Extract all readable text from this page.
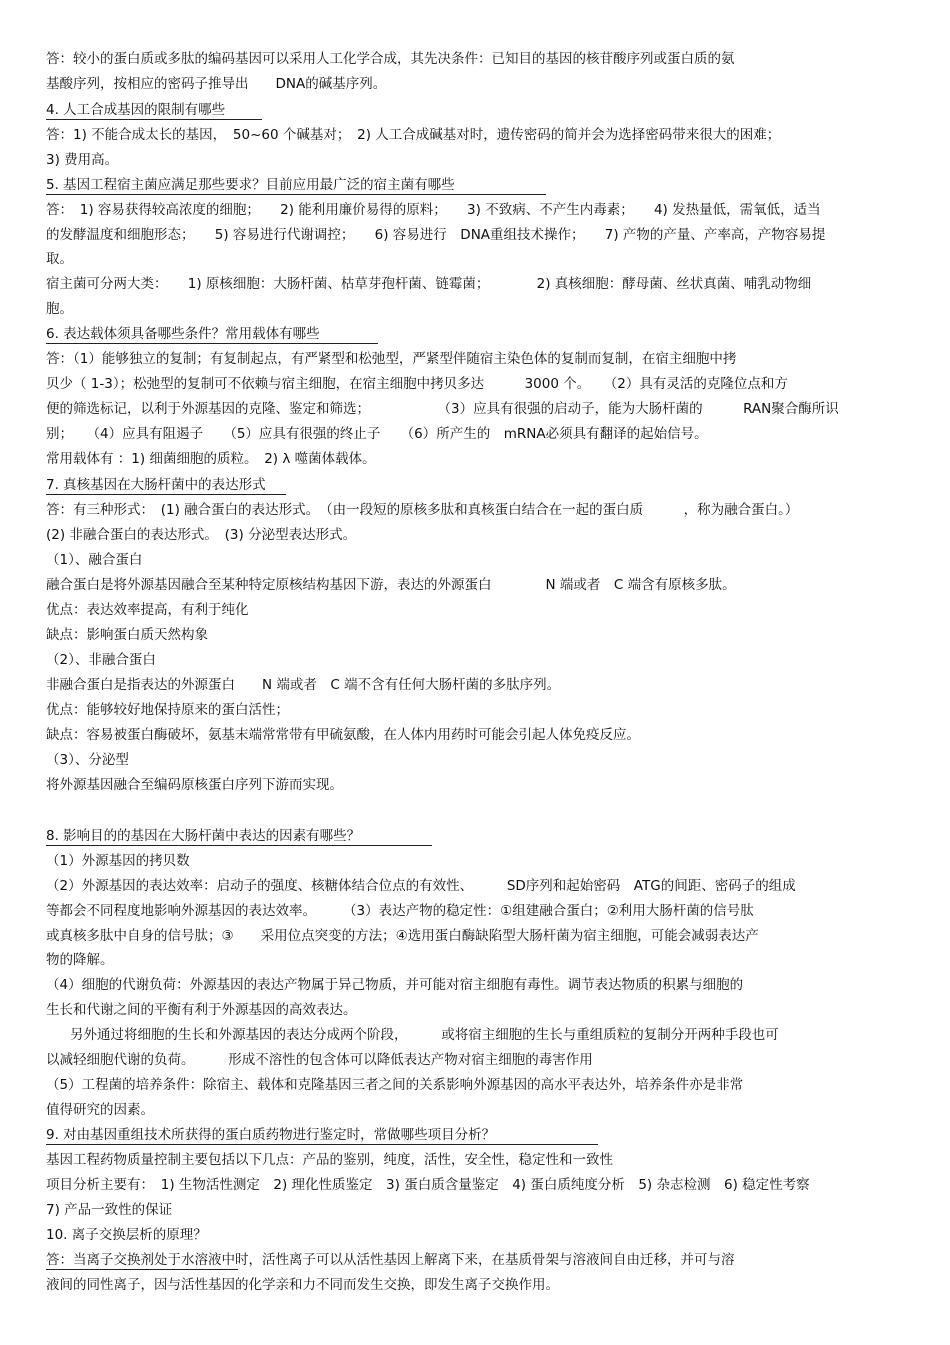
答：较小的蛋白质或多肽的编码基因可以采用人工化学合成，其先决条件：已知目的基因的核苷酸序列或蛋白质的氨
基酸序列，按相应的密码子推导出　　DNA的碱基序列。
4. 人工合成基因的限制有哪些
答：1) 不能合成太长的基因，　50~60 个碱基对；　2) 人工合成碱基对时，遗传密码的简并会为选择密码带来很大的困难；
3) 费用高。
5. 基因工程宿主菌应满足那些要求？目前应用最广泛的宿主菌有哪些
答：　1) 容易获得较高浓度的细胞；　　2) 能利用廉价易得的原料；　　3) 不致病、不产生内毒素；　　4) 发热量低，需氧低，适当
的发酵温度和细胞形态；　　5) 容易进行代谢调控；　　6) 容易进行　DNA重组技术操作；　　7) 产物的产量、产率高，产物容易提
取。
宿主菌可分两大类：　　1) 原核细胞：大肠杆菌、枯草芽孢杆菌、链霉菌；　　　　2) 真核细胞：酵母菌、丝状真菌、哺乳动物细
胞。
6. 表达载体须具备哪些条件？常用载体有哪些
答：（1）能够独立的复制；有复制起点，有严紧型和松弛型，严紧型伴随宿主染色体的复制而复制，在宿主细胞中拷
贝少（ 1-3）；松弛型的复制可不依赖与宿主细胞，在宿主细胞中拷贝多达　　　3000 个。　　（2）具有灵活的克隆位点和方
便的筛选标记，以利于外源基因的克隆、鉴定和筛选；　　　　　　（3）应具有很强的启动子，能为大肠杆菌的　　　RAN聚合酶所识
别；　　（4）应具有阻遏子　　（5）应具有很强的终止子　　（6）所产生的　mRNA必须具有翻译的起始信号。
常用载体有 ：1) 细菌细胞的质粒。　2) λ 噬菌体载体。
7. 真核基因在大肠杆菌中的表达形式
答：有三种形式：　(1) 融合蛋白的表达形式。　（由一段短的原核多肽和真核蛋白结合在一起的蛋白质　　　，称为融合蛋白。）
(2) 非融合蛋白的表达形式。　(3) 分泌型表达形式。
（1）、融合蛋白
融合蛋白是将外源基因融合至某种特定原核结构基因下游，表达的外源蛋白　　　　N 端或者　C 端含有原核多肽。
优点：表达效率提高，有利于纯化
缺点：影响蛋白质天然构象
（2）、非融合蛋白
非融合蛋白是指表达的外源蛋白　　N 端或者　C 端不含有任何大肠杆菌的多肽序列。
优点：能够较好地保持原来的蛋白活性；
缺点：容易被蛋白酶破坏，氨基末端常常带有甲硫氨酸，在人体内用药时可能会引起人体免疫反应。
（3）、分泌型
将外源基因融合至编码原核蛋白序列下游而实现。
8. 影响目的的基因在大肠杆菌中表达的因素有哪些？
（1）外源基因的拷贝数
（2）外源基因的表达效率：启动子的强度、核糖体结合位点的有效性、　　　SD序列和起始密码　ATG的间距、密码子的组成
等都会不同程度地影响外源基因的表达效率。　　　（3）表达产物的稳定性：①组建融合蛋白；②利用大肠杆菌的信号肽
或真核多肽中自身的信号肽；③　　采用位点突变的方法；④选用蛋白酶缺陷型大肠杆菌为宿主细胞，可能会减弱表达产
物的降解。
（4）细胞的代谢负荷：外源基因的表达产物属于异己物质，并可能对宿主细胞有毒性。调节表达物质的积累与细胞的
生长和代谢之间的平衡有利于外源基因的高效表达。
另外通过将细胞的生长和外源基因的表达分成两个阶段，　　　或将宿主细胞的生长与重组质粒的复制分开两种手段也可
以减轻细胞代谢的负荷。　　　形成不溶性的包含体可以降低表达产物对宿主细胞的毒害作用
（5）工程菌的培养条件：除宿主、载体和克隆基因三者之间的关系影响外源基因的高水平表达外，培养条件亦是非常
值得研究的因素。
9. 对由基因重组技术所获得的蛋白质药物进行鉴定时，常做哪些项目分析？
基因工程药物质量控制主要包括以下几点：产品的鉴别，纯度，活性，安全性，稳定性和一致性
项目分析主要有：　1) 生物活性测定　2) 理化性质鉴定　3) 蛋白质含量鉴定　4) 蛋白质纯度分析　5) 杂志检测　6) 稳定性考察
7) 产品一致性的保证
10. 离子交换层析的原理？
答：当离子交换剂处于水溶液中时，活性离子可以从活性基因上解离下来，在基质骨架与溶液间自由迁移，并可与溶
液间的同性离子，因与活性基因的化学亲和力不同而发生交换，即发生离子交换作用。
